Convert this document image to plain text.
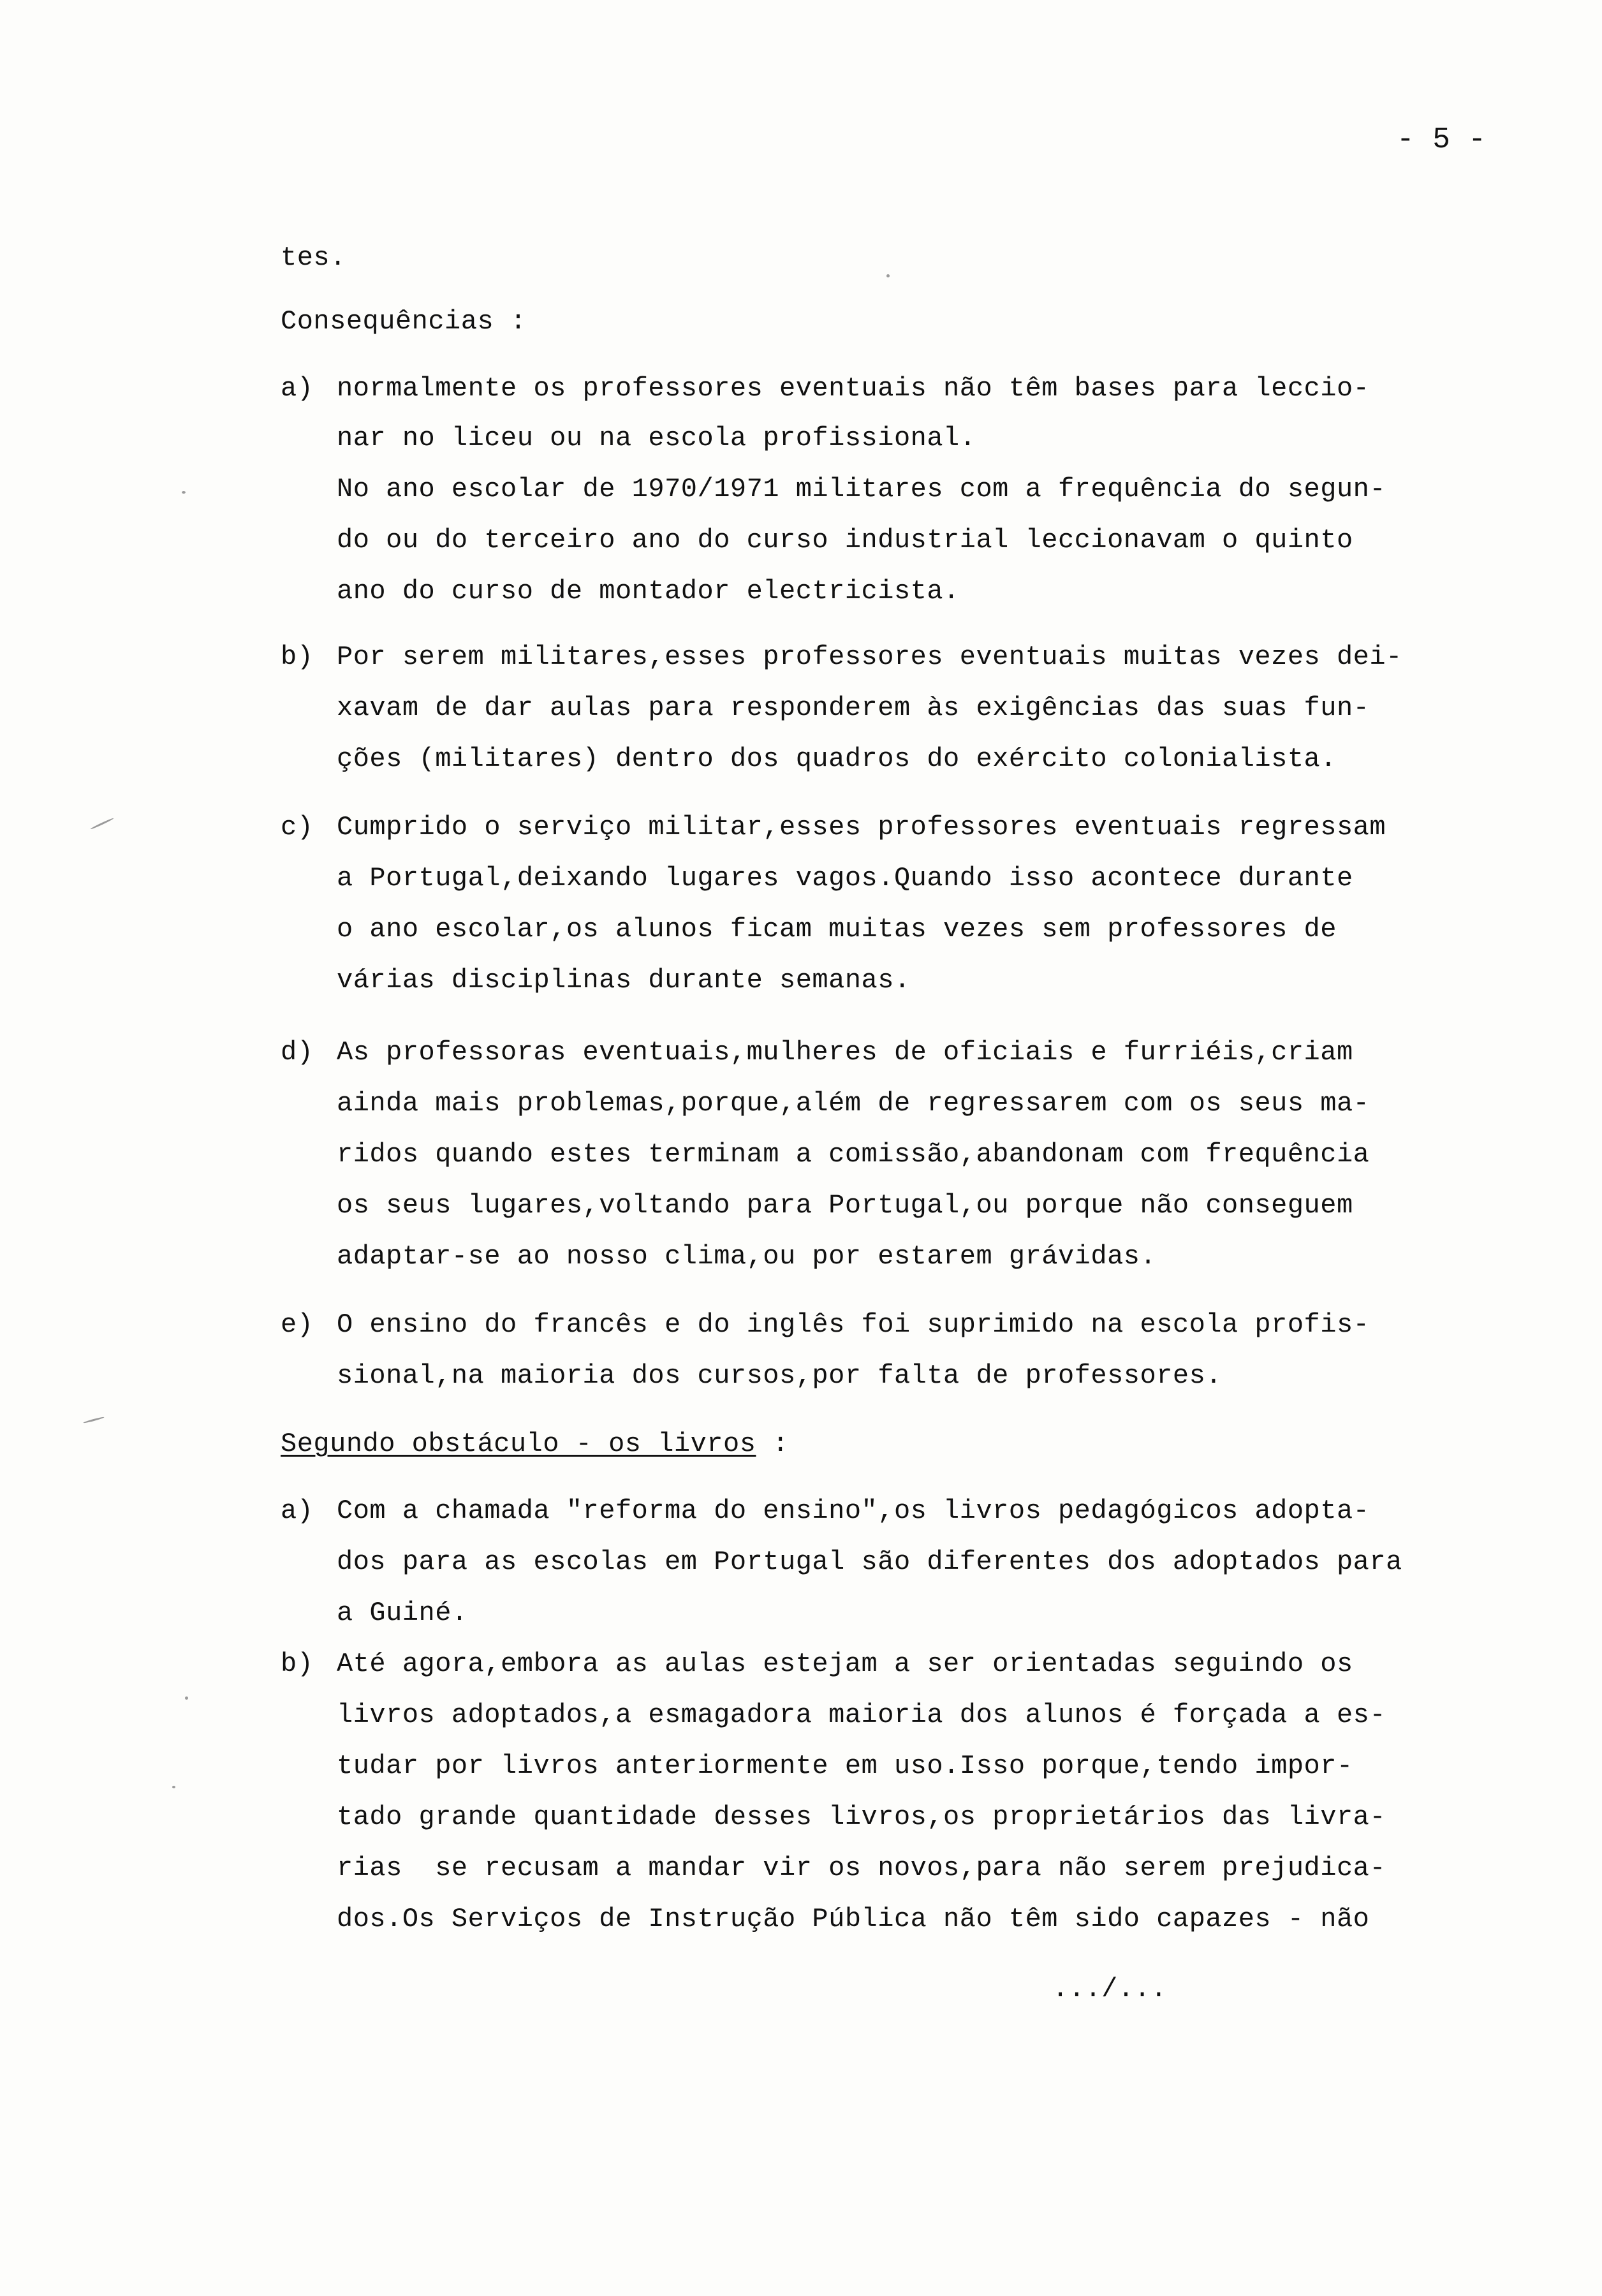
- 5 -
tes.
Consequências :
a) normalmente os professores eventuais não têm bases para leccio-
nar no liceu ou na escola profissional.
No ano escolar de 1970/1971 militares com a frequência do segun-
do ou do terceiro ano do curso industrial leccionavam o quinto
ano do curso de montador electricista.
b) Por serem militares,esses professores eventuais muitas vezes dei-
xavam de dar aulas para responderem às exigências das suas fun-
ções (militares) dentro dos quadros do exército colonialista.
c) Cumprido o serviço militar,esses professores eventuais regressam
a Portugal,deixando lugares vagos.Quando isso acontece durante
o ano escolar,os alunos ficam muitas vezes sem professores de
várias disciplinas durante semanas.
d) As professoras eventuais,mulheres de oficiais e furriéis,criam
ainda mais problemas,porque,além de regressarem com os seus ma-
ridos quando estes terminam a comissão,abandonam com frequência
os seus lugares,voltando para Portugal,ou porque não conseguem
adaptar-se ao nosso clima,ou por estarem grávidas.
e) O ensino do francês e do inglês foi suprimido na escola profis-
sional,na maioria dos cursos,por falta de professores.
Segundo obstáculo - os livros :
a) Com a chamada "reforma do ensino",os livros pedagógicos adopta-
dos para as escolas em Portugal são diferentes dos adoptados para
a Guiné.
b) Até agora,embora as aulas estejam a ser orientadas seguindo os
livros adoptados,a esmagadora maioria dos alunos é forçada a es-
tudar por livros anteriormente em uso.Isso porque,tendo impor-
tado grande quantidade desses livros,os proprietários das livra-
rias  se recusam a mandar vir os novos,para não serem prejudica-
dos.Os Serviços de Instrução Pública não têm sido capazes - não
.../...
